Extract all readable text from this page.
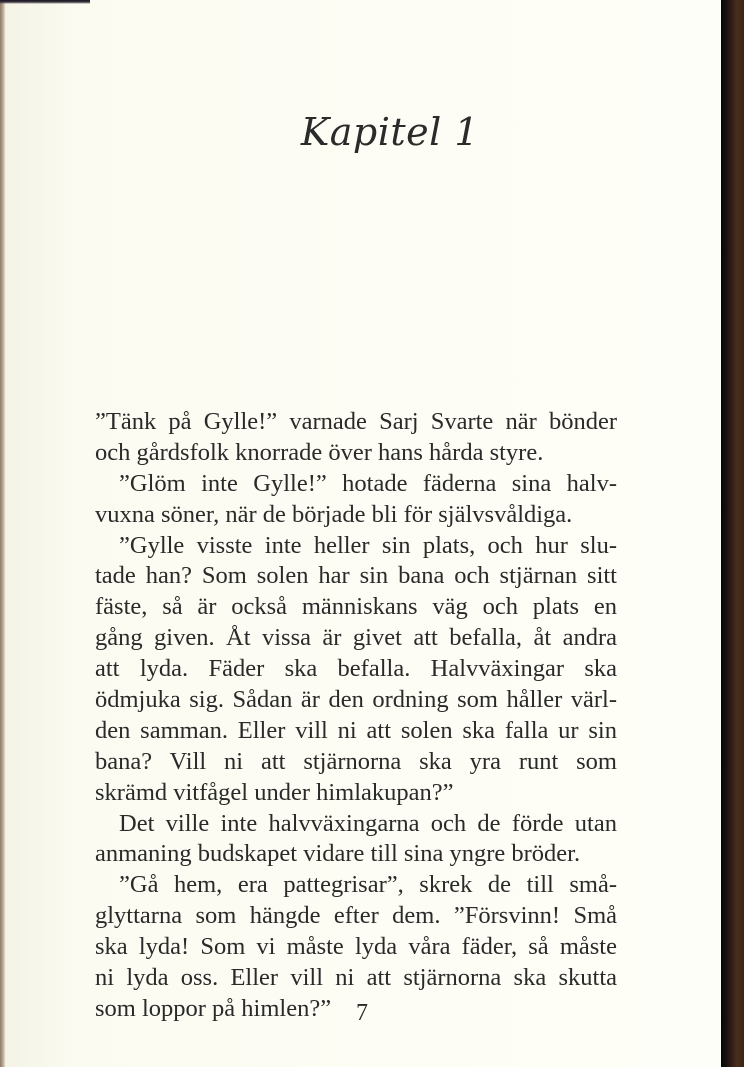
Kapitel 1
”Tänk på Gylle!” varnade Sarj Svarte när bönder
och gårdsfolk knorrade över hans hårda styre.
”Glöm inte Gylle!” hotade fäderna sina halv-
vuxna söner, när de började bli för självsvåldiga.
”Gylle visste inte heller sin plats, och hur slu-
tade han? Som solen har sin bana och stjärnan sitt
fäste, så är också människans väg och plats en
gång given. Åt vissa är givet att befalla, åt andra
att lyda. Fäder ska befalla. Halvväxingar ska
ödmjuka sig. Sådan är den ordning som håller värl-
den samman. Eller vill ni att solen ska falla ur sin
bana? Vill ni att stjärnorna ska yra runt som
skrämd vitfågel under himlakupan?”
Det ville inte halvväxingarna och de förde utan
anmaning budskapet vidare till sina yngre bröder.
”Gå hem, era pattegrisar”, skrek de till små-
glyttarna som hängde efter dem. ”Försvinn! Små
ska lyda! Som vi måste lyda våra fäder, så måste
ni lyda oss. Eller vill ni att stjärnorna ska skutta
som loppor på himlen?”	7
